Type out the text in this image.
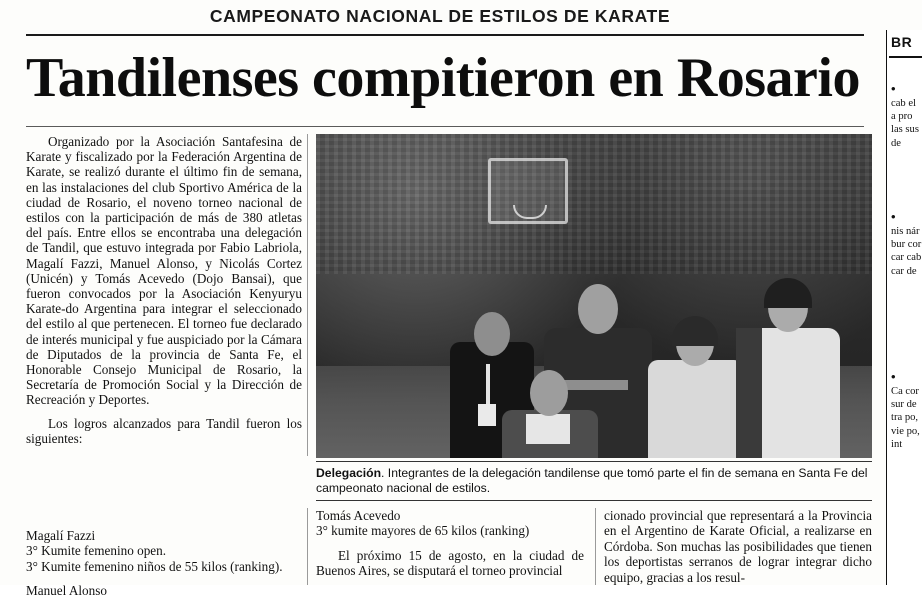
CAMPEONATO NACIONAL DE ESTILOS DE KARATE
Tandilenses compitieron en Rosario

Organizado por la Asociación Santafesina de Karate y fiscalizado por la Federación Argentina de Karate, se realizó durante el último fin de semana, en las instalaciones del club Sportivo América de la ciudad de Rosario, el noveno torneo nacional de estilos con la participación de más de 380 atletas del país. Entre ellos se encontraba una delegación de Tandil, que estuvo integrada por Fabio Labriola, Magalí Fazzi, Manuel Alonso, y Nicolás Cortez (Unicén) y Tomás Acevedo (Dojo Bansai), que fueron convocados por la Asociación Kenyuryu Karate-do Argentina para integrar el seleccionado del estilo al que pertenecen. El torneo fue declarado de interés municipal y fue auspiciado por la Cámara de Diputados de la provincia de Santa Fe, el Honorable Consejo Municipal de Rosario, la Secretaría de Promoción Social y la Dirección de Recreación y Deportes.

Los logros alcanzados para Tandil fueron los siguientes:

Magalí Fazzi
3° Kumite femenino open.
3° Kumite femenino niños de 55 kilos (ranking).
Manuel Alonso
Delegación. Integrantes de la delegación tandilense que tomó parte el fin de semana en Santa Fe del campeonato nacional de estilos.

Tomás Acevedo

3° kumite mayores de 65 kilos (ranking)

El próximo 15 de agosto, en la ciudad de Buenos Aires, se disputará el torneo provincial

cionado provincial que representará a la Provincia en el Argentino de Karate Oficial, a realizarse en Córdoba. Son muchas las posibilidades que tienen los deportistas serranos de lograr integrar dicho equipo, gracias a los resul-

BR
•
cab el a pro las sus de
•
nis nár bur cor car cab car de
•
Ca cor sur de tra po, vie po, int
